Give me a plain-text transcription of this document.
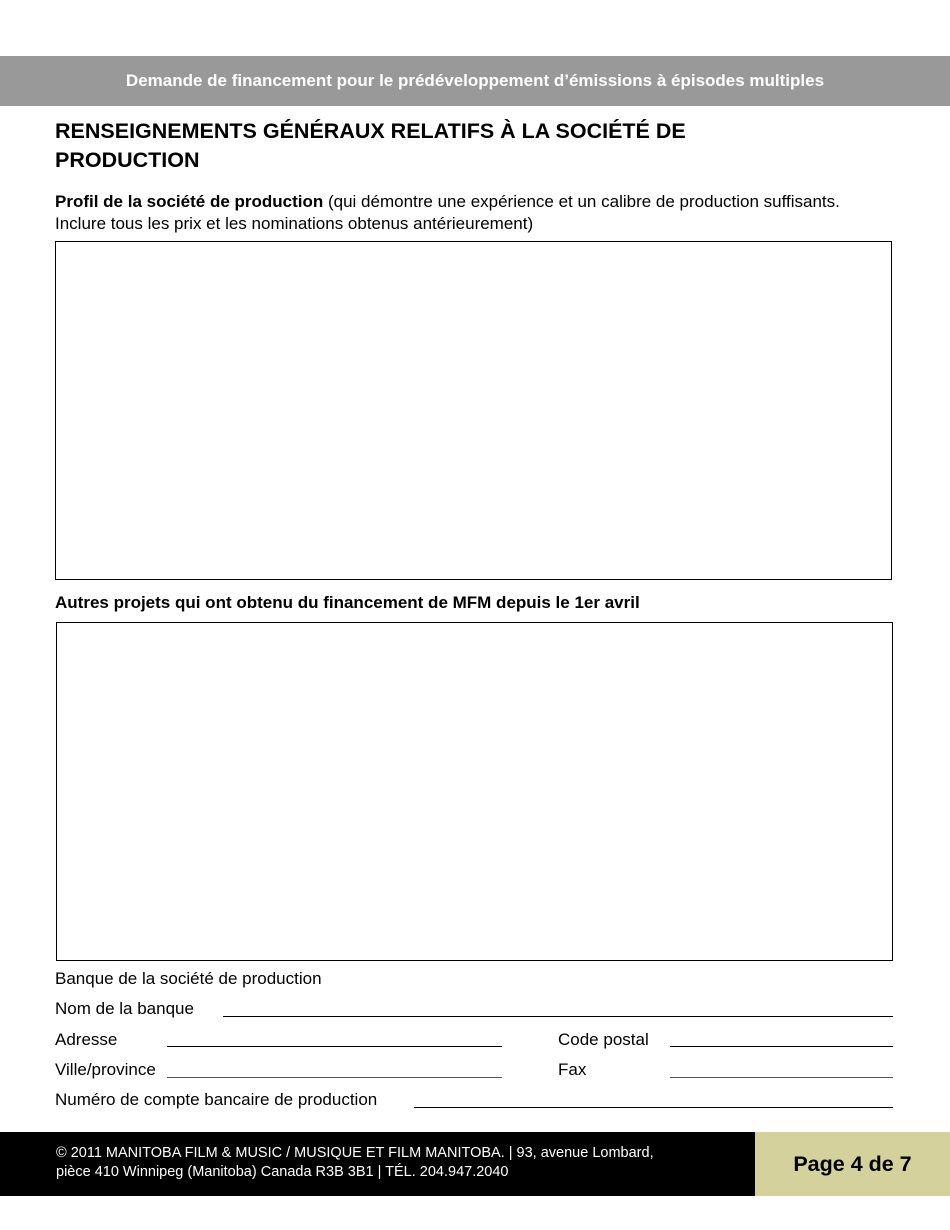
Demande de financement pour le prédéveloppement d’émissions à épisodes multiples
RENSEIGNEMENTS GÉNÉRAUX RELATIFS À LA SOCIÉTÉ DE PRODUCTION
Profil de la société de production (qui démontre une expérience et un calibre de production suffisants. Inclure tous les prix et les nominations obtenus antérieurement)
Autres projets qui ont obtenu du financement de MFM depuis le 1er avril
Banque de la société de production
Nom de la banque
Adresse	Code postal
Ville/province	Fax
Numéro de compte bancaire de production
© 2011 MANITOBA FILM & MUSIC / MUSIQUE ET FILM MANITOBA. | 93, avenue Lombard,
pièce 410 Winnipeg (Manitoba) Canada R3B 3B1 | TÉL. 204.947.2040	Page 4 de 7
